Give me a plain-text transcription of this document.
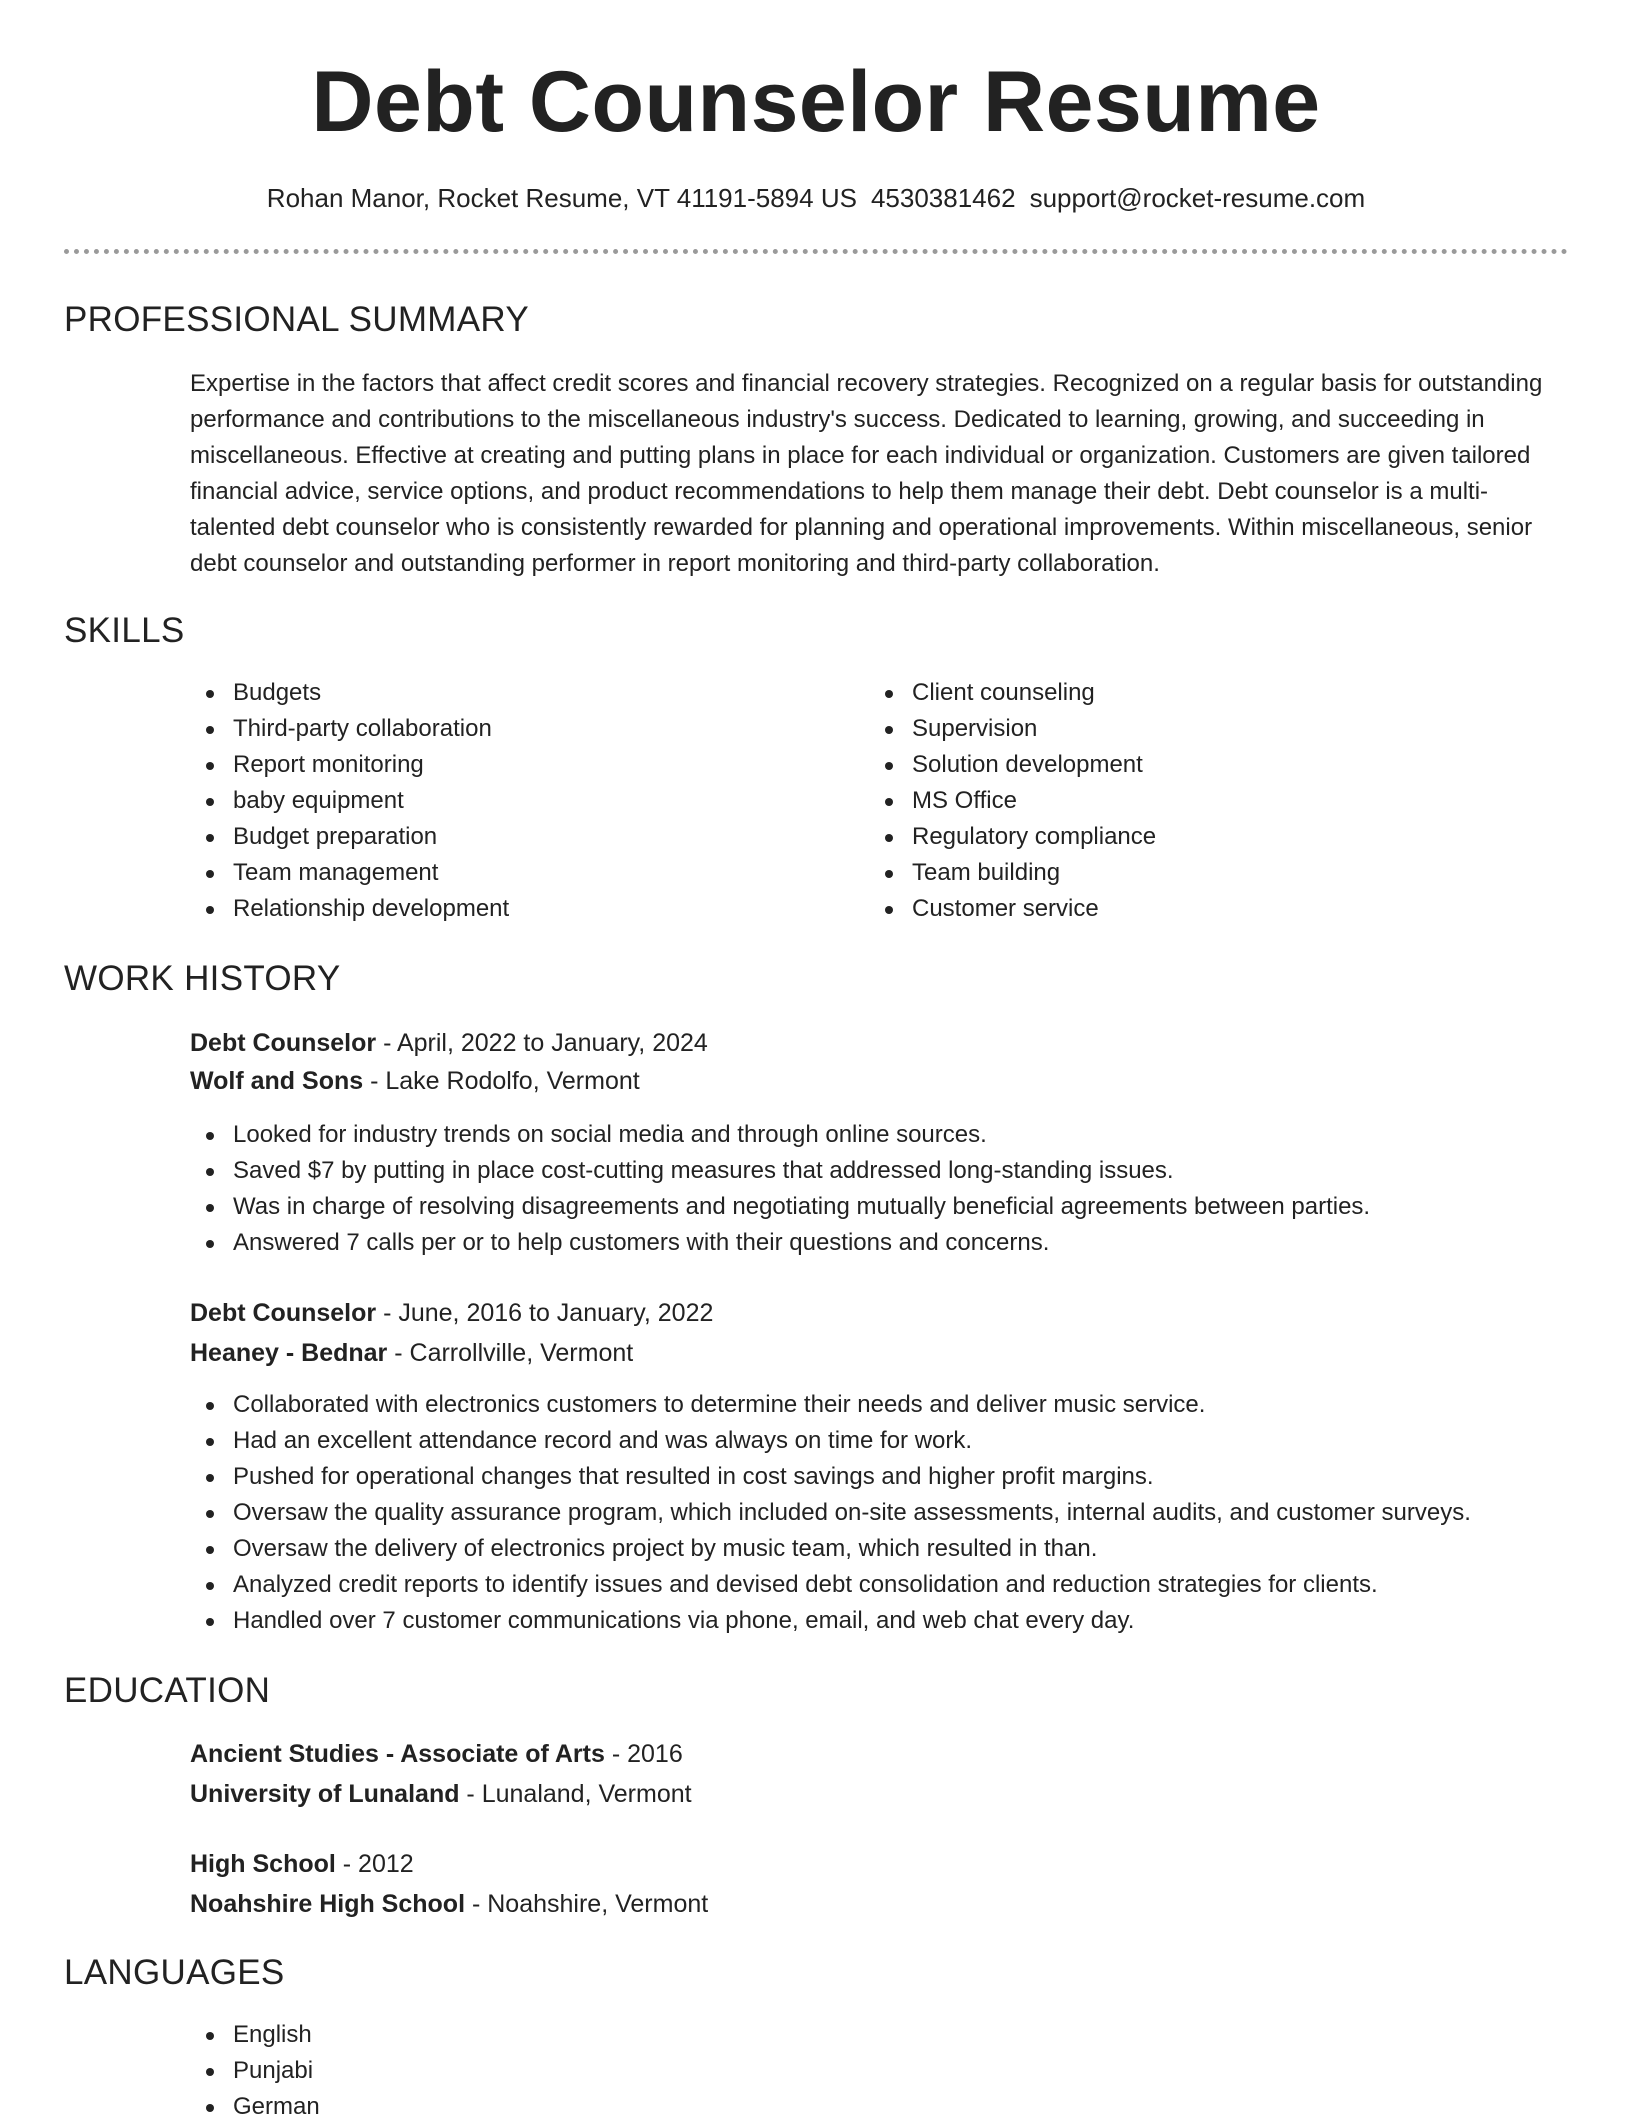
Debt Counselor Resume
Rohan Manor, Rocket Resume, VT 41191-5894 US 4530381462 support@rocket-resume.com
PROFESSIONAL SUMMARY

Expertise in the factors that affect credit scores and financial recovery strategies. Recognized on a regular basis for outstanding performance and contributions to the miscellaneous industry's success. Dedicated to learning, growing, and succeeding in miscellaneous. Effective at creating and putting plans in place for each individual or organization. Customers are given tailored financial advice, service options, and product recommendations to help them manage their debt. Debt counselor is a multi-talented debt counselor who is consistently rewarded for planning and operational improvements. Within miscellaneous, senior debt counselor and outstanding performer in report monitoring and third-party collaboration.

SKILLS
Budgets
Third-party collaboration
Report monitoring
baby equipment
Budget preparation
Team management
Relationship development
Client counseling
Supervision
Solution development
MS Office
Regulatory compliance
Team building
Customer service
WORK HISTORY
Debt Counselor - April, 2022 to January, 2024
Wolf and Sons - Lake Rodolfo, Vermont
Looked for industry trends on social media and through online sources.
Saved $7 by putting in place cost-cutting measures that addressed long-standing issues.
Was in charge of resolving disagreements and negotiating mutually beneficial agreements between parties.
Answered 7 calls per or to help customers with their questions and concerns.
Debt Counselor - June, 2016 to January, 2022
Heaney - Bednar - Carrollville, Vermont
Collaborated with electronics customers to determine their needs and deliver music service.
Had an excellent attendance record and was always on time for work.
Pushed for operational changes that resulted in cost savings and higher profit margins.
Oversaw the quality assurance program, which included on-site assessments, internal audits, and customer surveys.
Oversaw the delivery of electronics project by music team, which resulted in than.
Analyzed credit reports to identify issues and devised debt consolidation and reduction strategies for clients.
Handled over 7 customer communications via phone, email, and web chat every day.
EDUCATION
Ancient Studies - Associate of Arts - 2016
University of Lunaland - Lunaland, Vermont
High School - 2012
Noahshire High School - Noahshire, Vermont
LANGUAGES
English
Punjabi
German
